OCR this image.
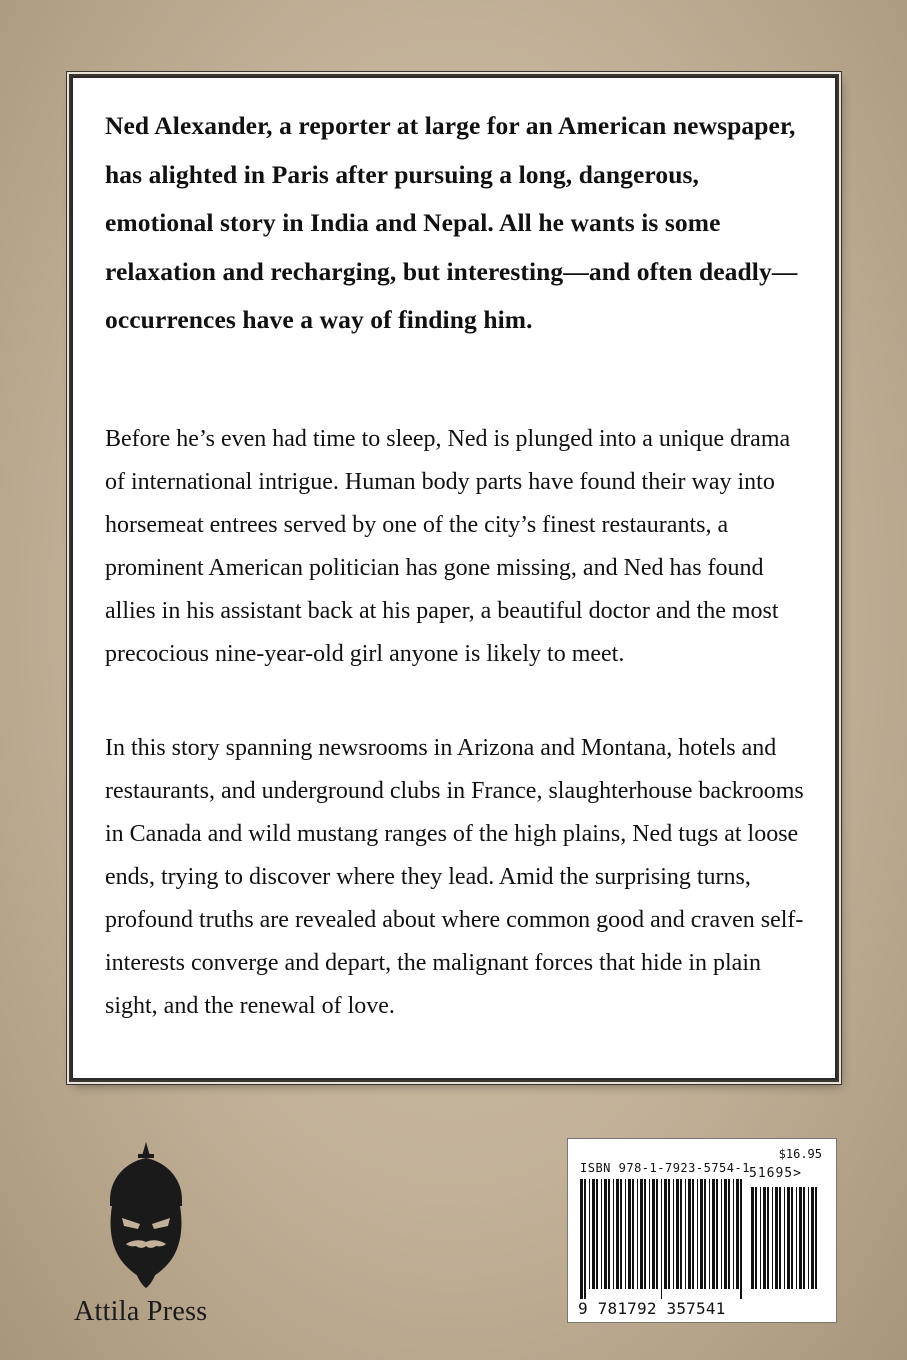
Ned Alexander, a reporter at large for an American newspaper, has alighted in Paris after pursuing a long, dangerous, emotional story in India and Nepal. All he wants is some relaxation and recharging, but interesting—and often deadly—occurrences have a way of finding him.

Before he’s even had time to sleep, Ned is plunged into a unique drama of international intrigue. Human body parts have found their way into horsemeat entrees served by one of the city’s finest restaurants, a prominent American politician has gone missing, and Ned has found allies in his assistant back at his paper, a beautiful doctor and the most precocious nine-year-old girl anyone is likely to meet.

In this story spanning newsrooms in Arizona and Montana, hotels and restaurants, and underground clubs in France, slaughterhouse backrooms in Canada and wild mustang ranges of the high plains, Ned tugs at loose ends, trying to discover where they lead. Amid the surprising turns, profound truths are revealed about where common good and craven self-interests converge and depart, the malignant forces that hide in plain sight, and the renewal of love.

Attila Press

$16.95
ISBN 978-1-7923-5754-1 51695>
9 781792 357541
